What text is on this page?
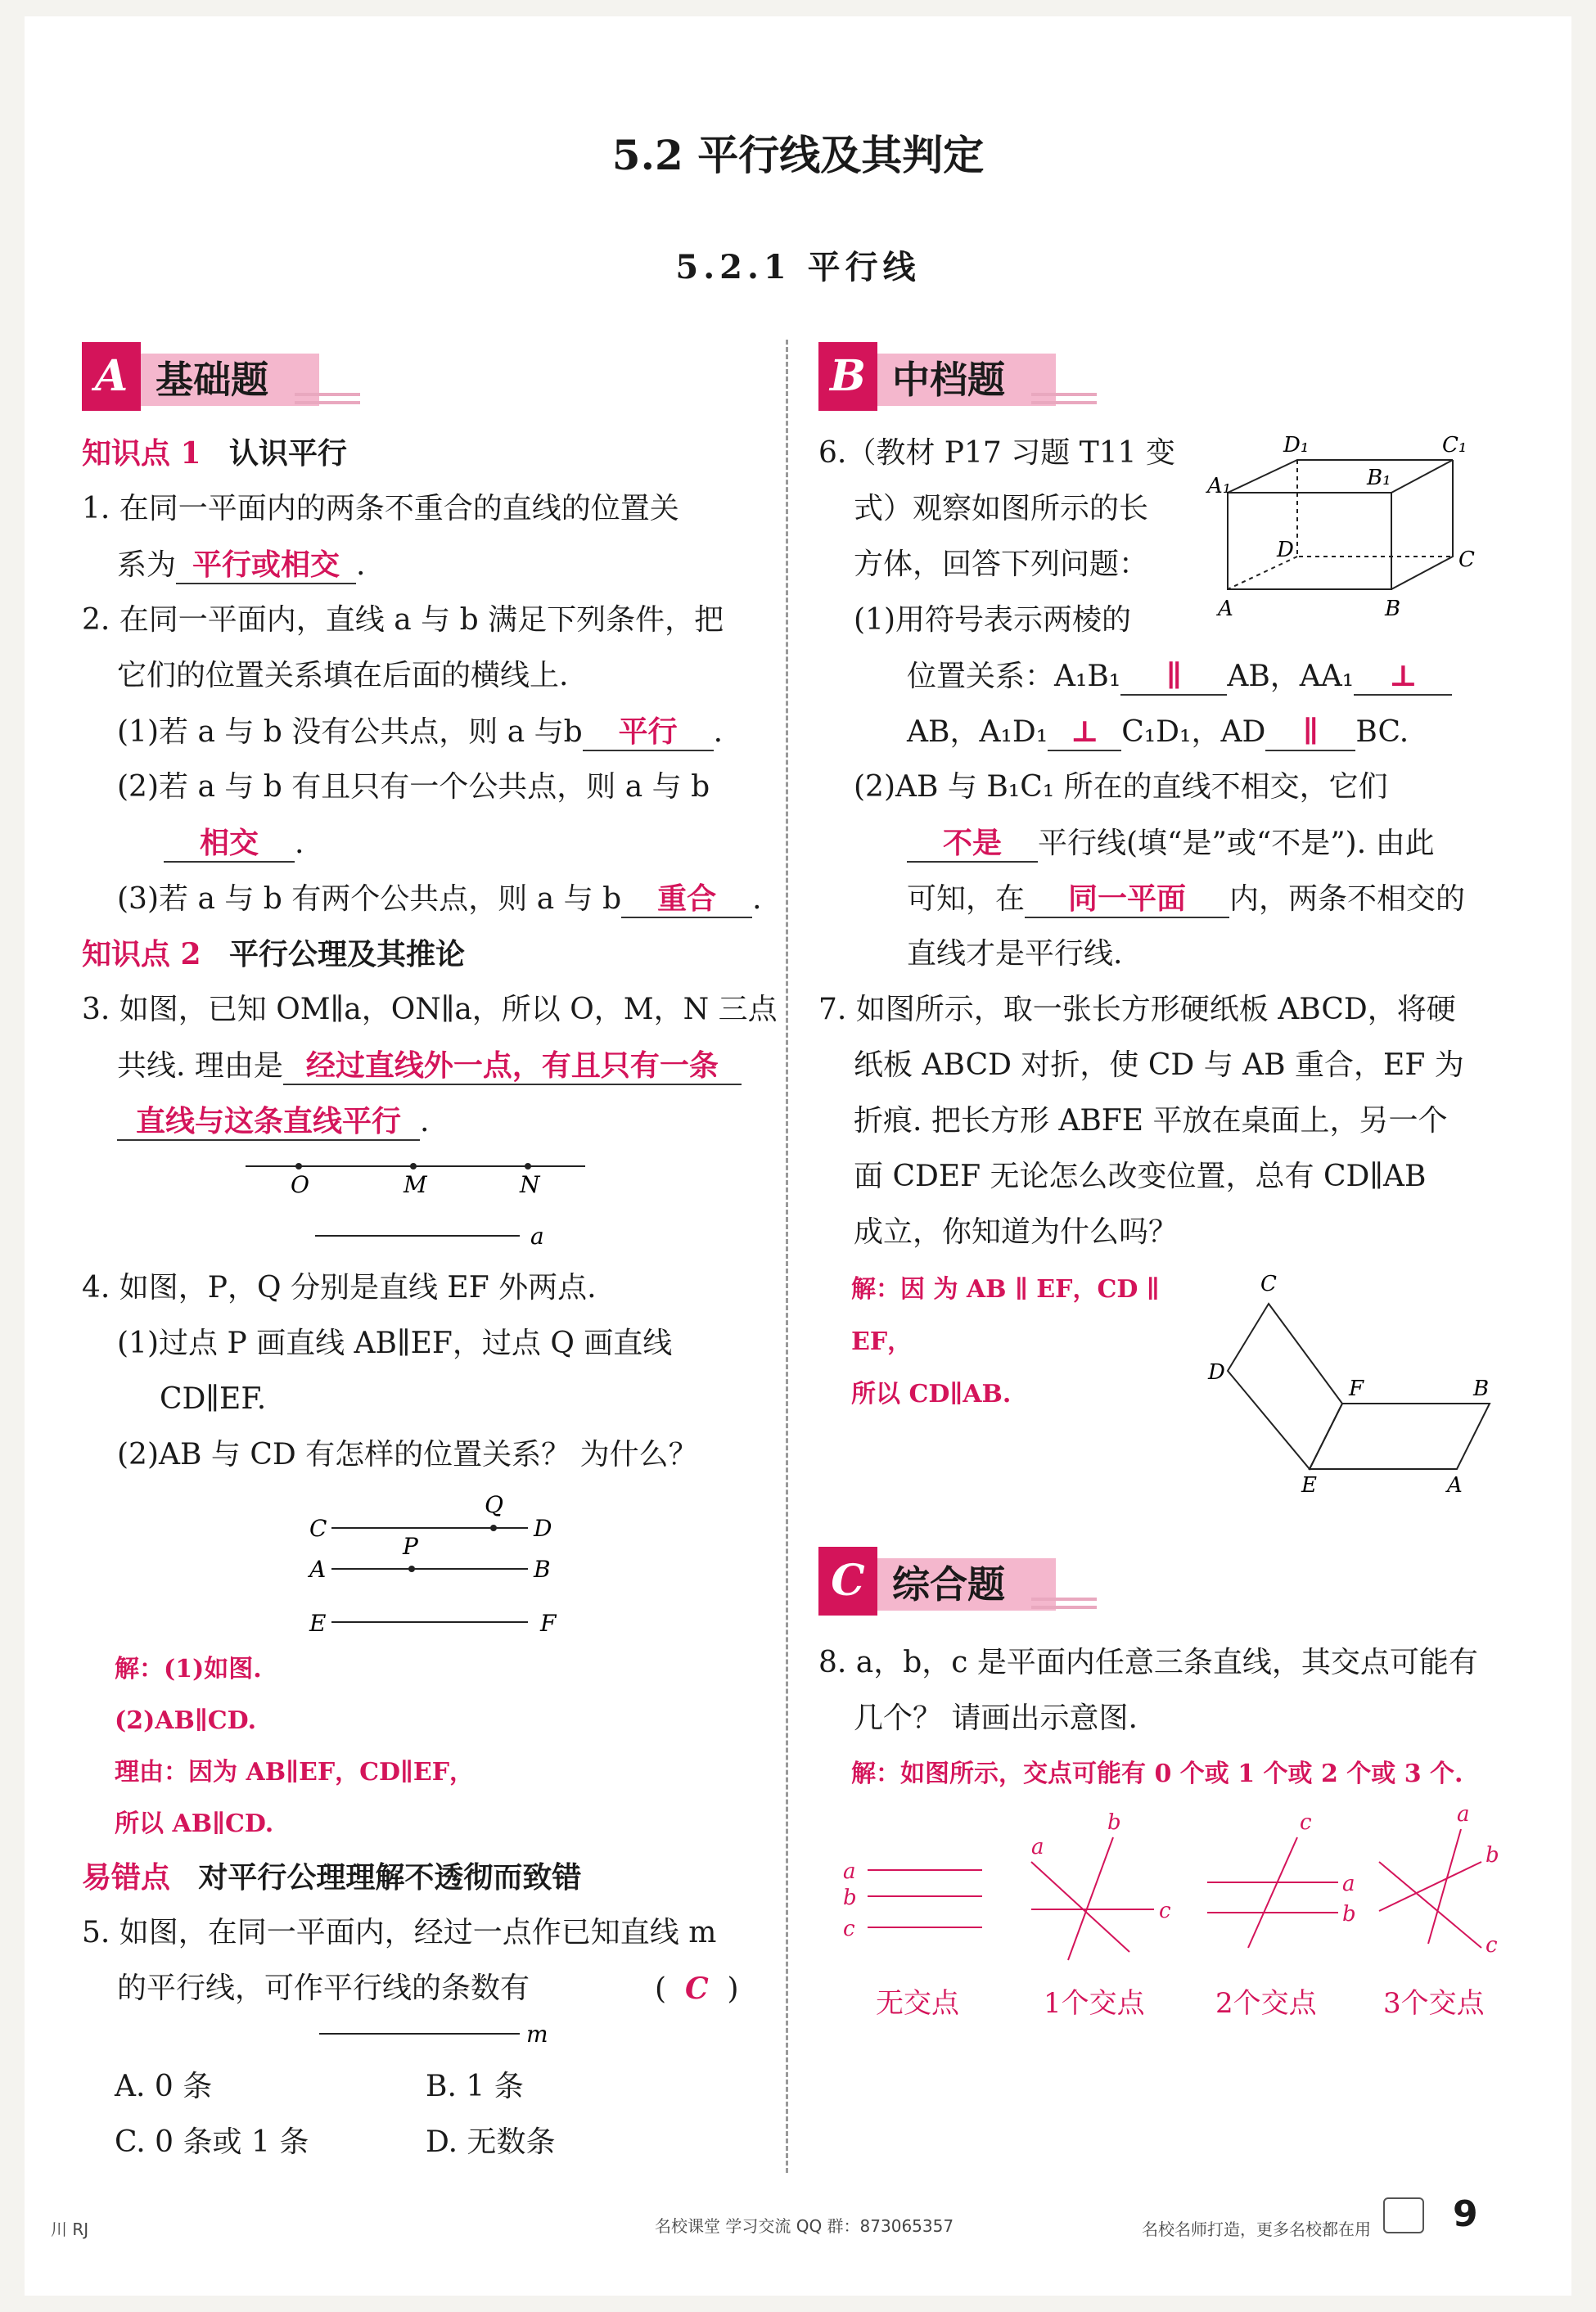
5.2 平行线及其判定
5.2.1 平行线
基础题
A
知识点 1 认识平行
1. 在同一平面内的两条不重合的直线的位置关
系为 平行或相交 .
2. 在同一平面内，直线 a 与 b 满足下列条件，把
它们的位置关系填在后面的横线上.
(1)若 a 与 b 没有公共点，则 a 与b 平行 .
(2)若 a 与 b 有且只有一个公共点，则 a 与 b
相交 .
(3)若 a 与 b 有两个公共点，则 a 与 b 重合 .
知识点 2 平行公理及其推论
3. 如图，已知 OM∥a，ON∥a，所以 O，M，N 三点
共线. 理由是 经过直线外一点，有且只有一条
直线与这条直线平行 .
O	M	N
a
4. 如图，P，Q 分别是直线 EF 外两点.
(1)过点 P 画直线 AB∥EF，过点 Q 画直线
CD∥EF.
(2)AB 与 CD 有怎样的位置关系？ 为什么？
C
Q
D
A
P
B
E	F
解：(1)如图.
(2)AB∥CD.
理由：因为 AB∥EF，CD∥EF，
所以 AB∥CD.
易错点 对平行公理理解不透彻而致错
5. 如图，在同一平面内，经过一点作已知直线 m
的平行线，可作平行线的条数有	(  C  )
m
A. 0 条	B. 1 条
C. 0 条或 1 条	D. 无数条
中档题
B
6.（教材 P17 习题 T11 变
式）观察如图所示的长
方体，回答下列问题：
D₁	C₁
A₁	B₁
D	C
A	B
(1)用符号表示两棱的
位置关系：A₁B₁ ∥ AB，AA₁ ⊥
AB，A₁D₁ ⊥ C₁D₁，AD ∥ BC.
(2)AB 与 B₁C₁ 所在的直线不相交，它们
不是 平行线(填“是”或“不是”). 由此
可知，在 同一平面 内，两条不相交的
直线才是平行线.
7. 如图所示，取一张长方形硬纸板 ABCD，将硬
纸板 ABCD 对折，使 CD 与 AB 重合，EF 为
折痕. 把长方形 ABFE 平放在桌面上，另一个
面 CDEF 无论怎么改变位置，总有 CD∥AB
成立，你知道为什么吗？
解：因 为 AB ∥ EF，CD ∥
EF，
所以 CD∥AB.
C
D
F	B
E	A
综合题
C
8. a，b，c 是平面内任意三条直线，其交点可能有
几个？ 请画出示意图.
解：如图所示，交点可能有 0 个或 1 个或 2 个或 3 个.
a
b
c
a
b
c
c
a
b
a
b
c
无交点	1个交点	2个交点 3个交点
川 RJ	名校课堂 学习交流 QQ 群：873065357	名校名师打造，更多名校都在用 9
